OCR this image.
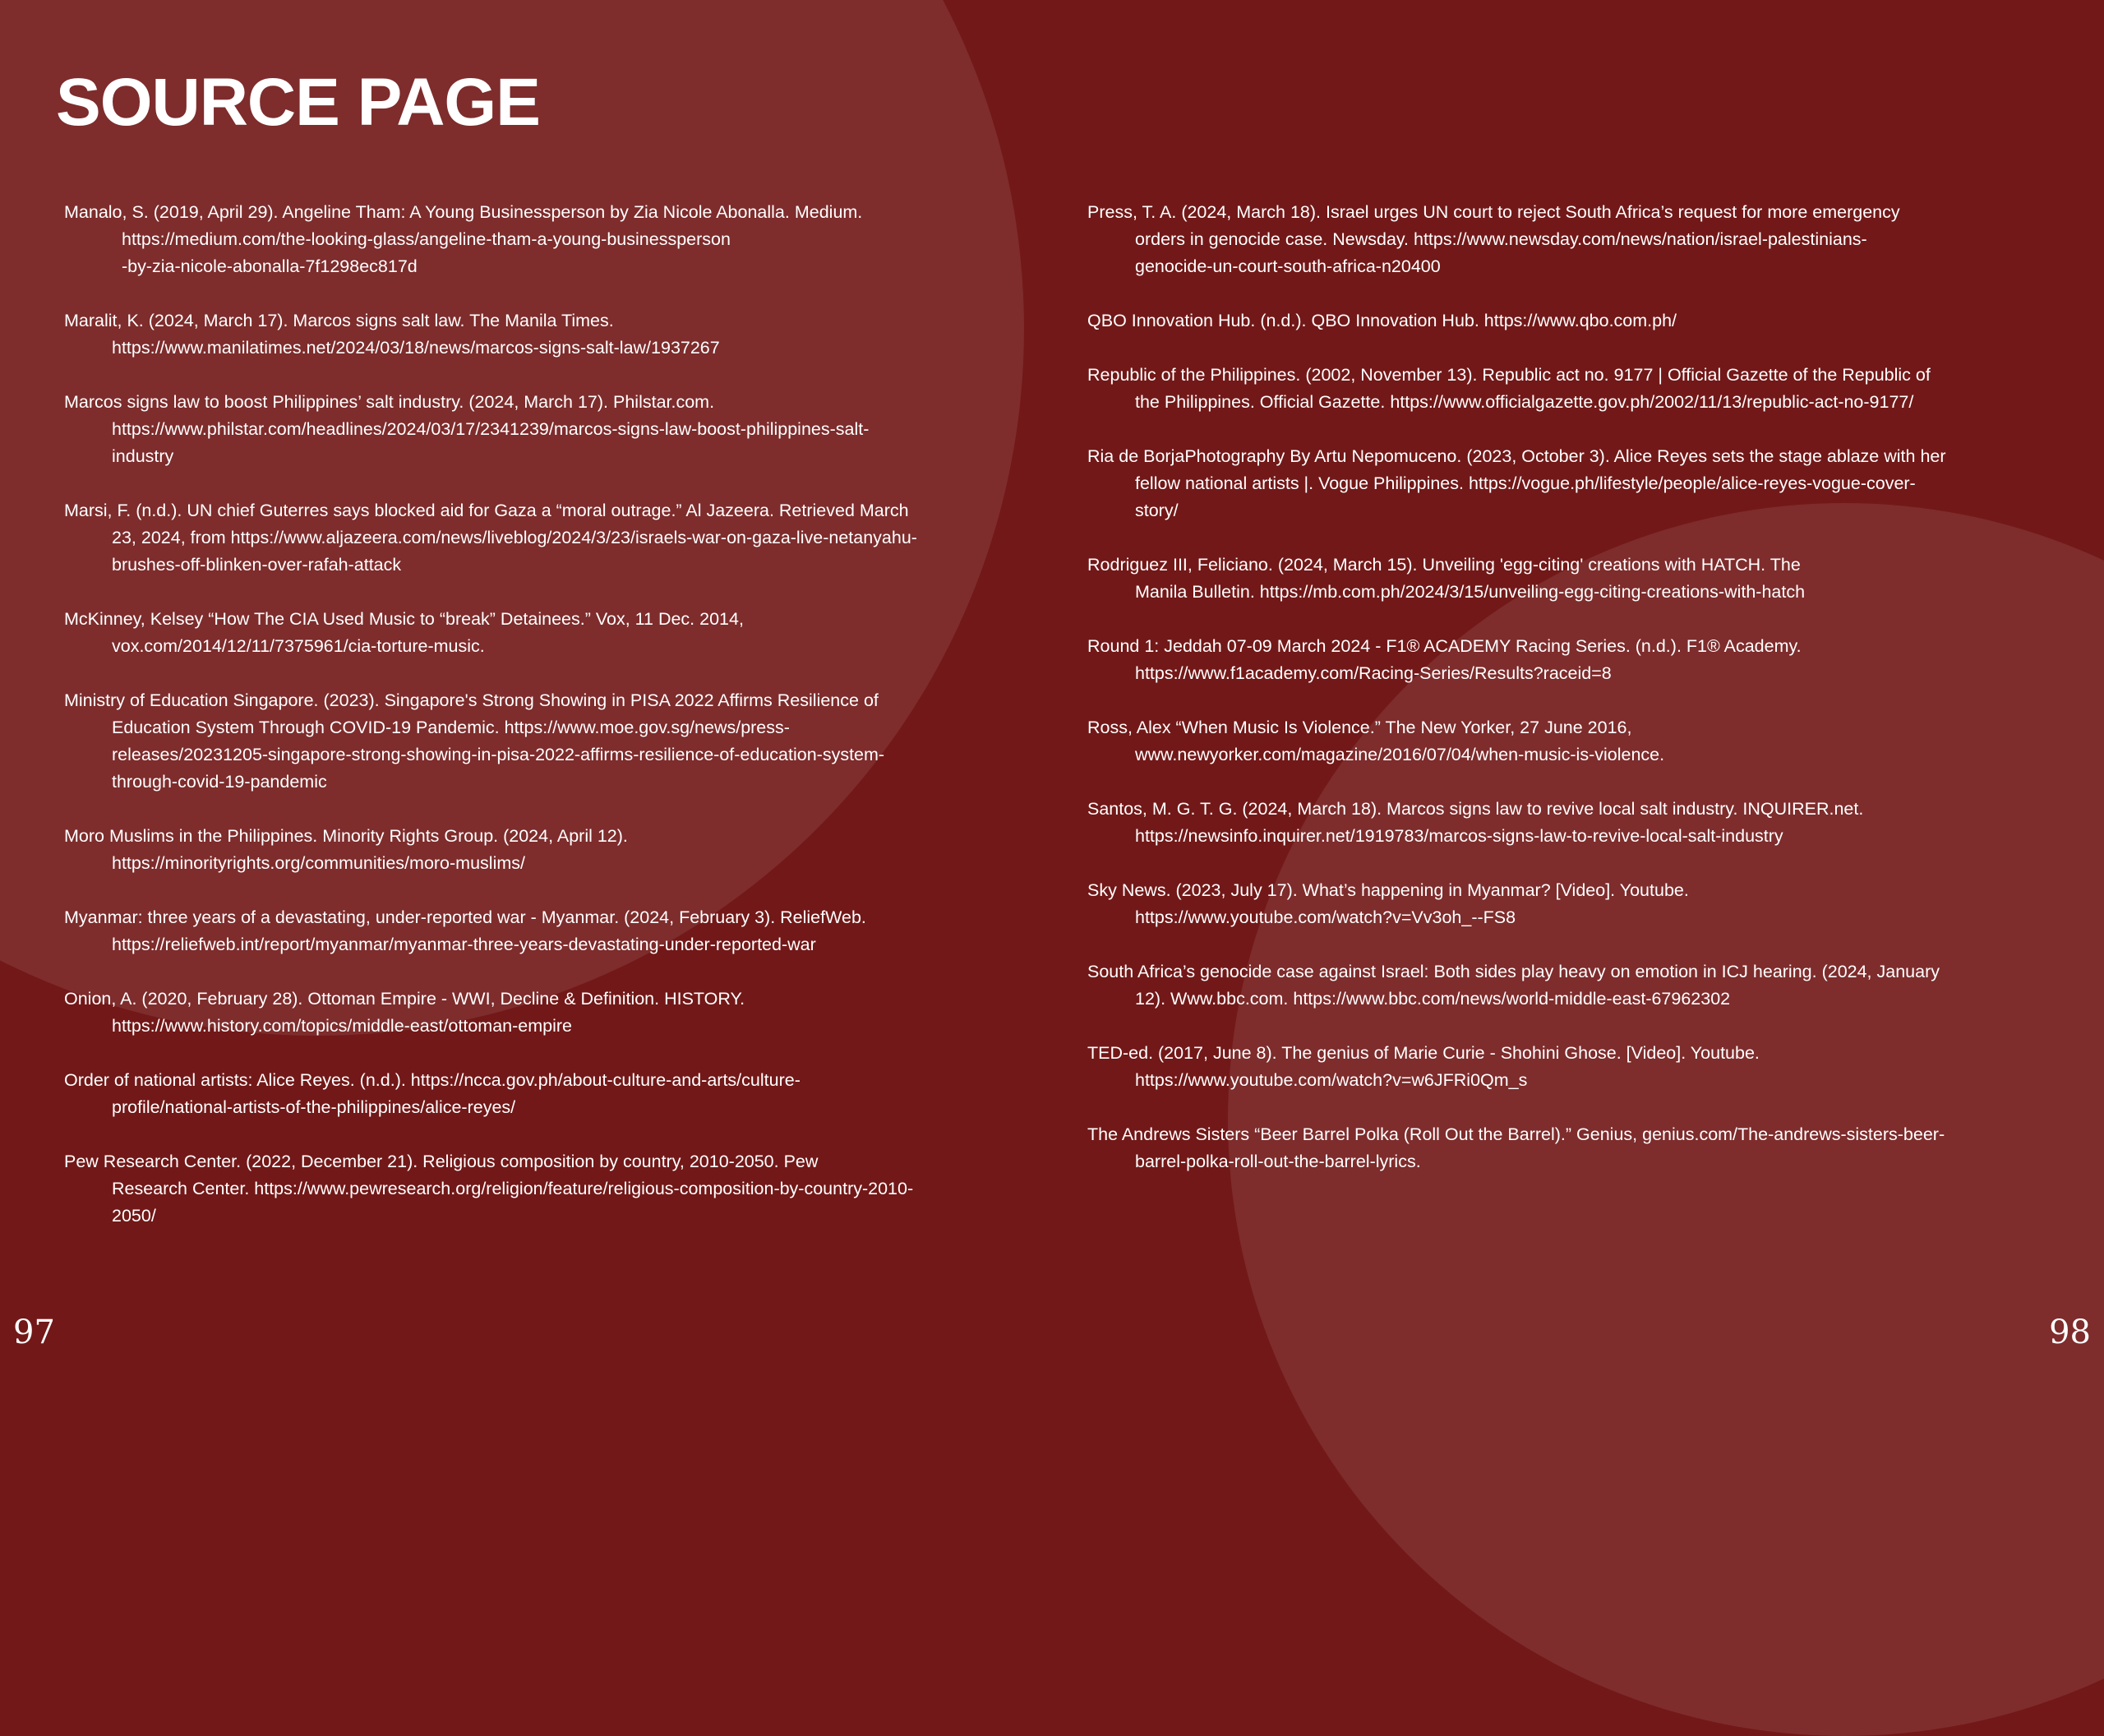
SOURCE PAGE

Manalo, S. (2019, April 29). Angeline Tham: A Young Businessperson by Zia Nicole Abonalla. Medium.
https://medium.com/the-looking-glass/angeline-tham-a-young-businessperson
-by-zia-nicole-abonalla-7f1298ec817d

Maralit, K. (2024, March 17). Marcos signs salt law. The Manila Times.
https://www.manilatimes.net/2024/03/18/news/marcos-signs-salt-law/1937267

Marcos signs law to boost Philippines’ salt industry. (2024, March 17). Philstar.com.
https://www.philstar.com/headlines/2024/03/17/2341239/marcos-signs-law-boost-philippines-salt-
industry

Marsi, F. (n.d.). UN chief Guterres says blocked aid for Gaza a “moral outrage.” Al Jazeera. Retrieved March
23, 2024, from https://www.aljazeera.com/news/liveblog/2024/3/23/israels-war-on-gaza-live-netanyahu-
brushes-off-blinken-over-rafah-attack

McKinney, Kelsey “How The CIA Used Music to “break” Detainees.” Vox, 11 Dec. 2014,
vox.com/2014/12/11/7375961/cia-torture-music.

Ministry of Education Singapore. (2023). Singapore's Strong Showing in PISA 2022 Affirms Resilience of
Education System Through COVID-19 Pandemic. https://www.moe.gov.sg/news/press-
releases/20231205-singapore-strong-showing-in-pisa-2022-affirms-resilience-of-education-system-
through-covid-19-pandemic

Moro Muslims in the Philippines. Minority Rights Group. (2024, April 12).
https://minorityrights.org/communities/moro-muslims/

Myanmar: three years of a devastating, under-reported war - Myanmar. (2024, February 3). ReliefWeb.
https://reliefweb.int/report/myanmar/myanmar-three-years-devastating-under-reported-war

Onion, A. (2020, February 28). Ottoman Empire - WWI, Decline & Definition. HISTORY.
https://www.history.com/topics/middle-east/ottoman-empire

Order of national artists: Alice Reyes. (n.d.). https://ncca.gov.ph/about-culture-and-arts/culture-
profile/national-artists-of-the-philippines/alice-reyes/

Pew Research Center. (2022, December 21). Religious composition by country, 2010-2050. Pew
Research Center. https://www.pewresearch.org/religion/feature/religious-composition-by-country-2010-
2050/

Press, T. A. (2024, March 18). Israel urges UN court to reject South Africa’s request for more emergency
orders in genocide case. Newsday. https://www.newsday.com/news/nation/israel-palestinians-
genocide-un-court-south-africa-n20400

QBO Innovation Hub. (n.d.). QBO Innovation Hub. https://www.qbo.com.ph/

Republic of the Philippines. (2002, November 13). Republic act no. 9177 | Official Gazette of the Republic of
the Philippines. Official Gazette. https://www.officialgazette.gov.ph/2002/11/13/republic-act-no-9177/

Ria de BorjaPhotography By Artu Nepomuceno. (2023, October 3). Alice Reyes sets the stage ablaze with her
fellow national artists |. Vogue Philippines. https://vogue.ph/lifestyle/people/alice-reyes-vogue-cover-
story/

Rodriguez III, Feliciano. (2024, March 15). Unveiling 'egg-citing' creations with HATCH. The
Manila Bulletin. https://mb.com.ph/2024/3/15/unveiling-egg-citing-creations-with-hatch

Round 1: Jeddah 07-09 March 2024 - F1® ACADEMY Racing Series. (n.d.). F1® Academy.
https://www.f1academy.com/Racing-Series/Results?raceid=8

Ross, Alex “When Music Is Violence.” The New Yorker, 27 June 2016,
www.newyorker.com/magazine/2016/07/04/when-music-is-violence.

Santos, M. G. T. G. (2024, March 18). Marcos signs law to revive local salt industry. INQUIRER.net.
https://newsinfo.inquirer.net/1919783/marcos-signs-law-to-revive-local-salt-industry

Sky News. (2023, July 17). What’s happening in Myanmar? [Video]. Youtube.
https://www.youtube.com/watch?v=Vv3oh_--FS8

South Africa’s genocide case against Israel: Both sides play heavy on emotion in ICJ hearing. (2024, January
12). Www.bbc.com. https://www.bbc.com/news/world-middle-east-67962302

TED-ed. (2017, June 8). The genius of Marie Curie - Shohini Ghose. [Video]. Youtube.
https://www.youtube.com/watch?v=w6JFRi0Qm_s

The Andrews Sisters “Beer Barrel Polka (Roll Out the Barrel).” Genius, genius.com/The-andrews-sisters-beer-
barrel-polka-roll-out-the-barrel-lyrics.

97	98
